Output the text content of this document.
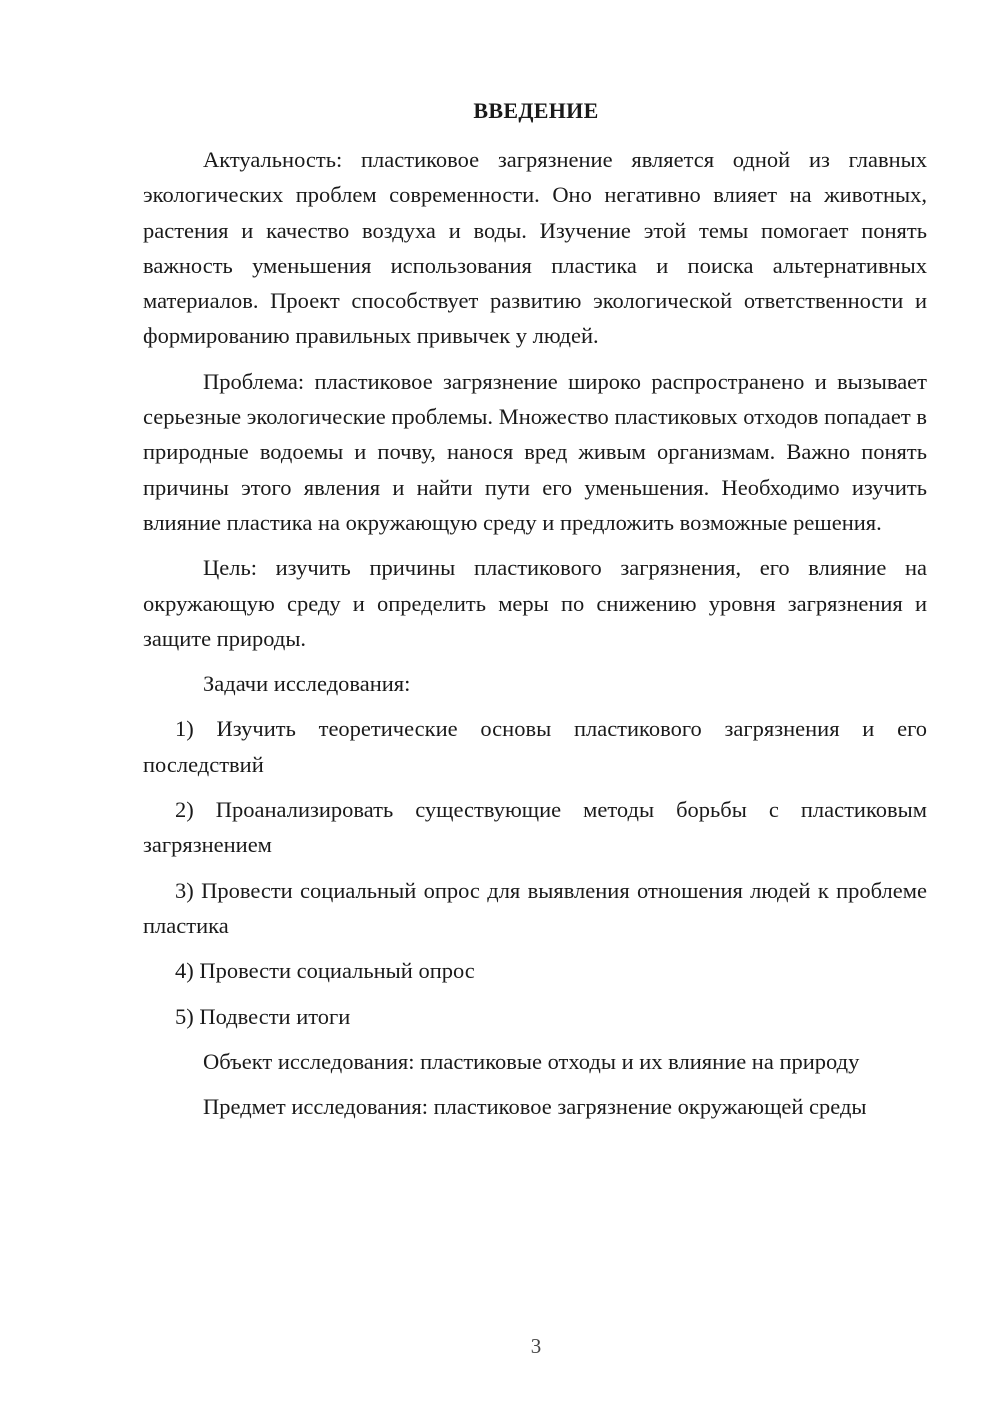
ВВЕДЕНИЕ

Актуальность: пластиковое загрязнение является одной из главных экологических проблем современности. Оно негативно влияет на животных, растения и качество воздуха и воды. Изучение этой темы помогает понять важность уменьшения использования пластика и поиска альтернативных материалов. Проект способствует развитию экологической ответственности и формированию правильных привычек у людей.

Проблема: пластиковое загрязнение широко распространено и вызывает серьезные экологические проблемы. Множество пластиковых отходов попадает в природные водоемы и почву, нанося вред живым организмам. Важно понять причины этого явления и найти пути его уменьшения. Необходимо изучить влияние пластика на окружающую среду и предложить возможные решения.

Цель: изучить причины пластикового загрязнения, его влияние на окружающую среду и определить меры по снижению уровня загрязнения и защите природы.

Задачи исследования:

1) Изучить теоретические основы пластикового загрязнения и его последствий

2) Проанализировать существующие методы борьбы с пластиковым загрязнением

3) Провести социальный опрос для выявления отношения людей к проблеме пластика

4) Провести социальный опрос

5) Подвести итоги

Объект исследования: пластиковые отходы и их влияние на природу

Предмет исследования: пластиковое загрязнение окружающей среды

3
